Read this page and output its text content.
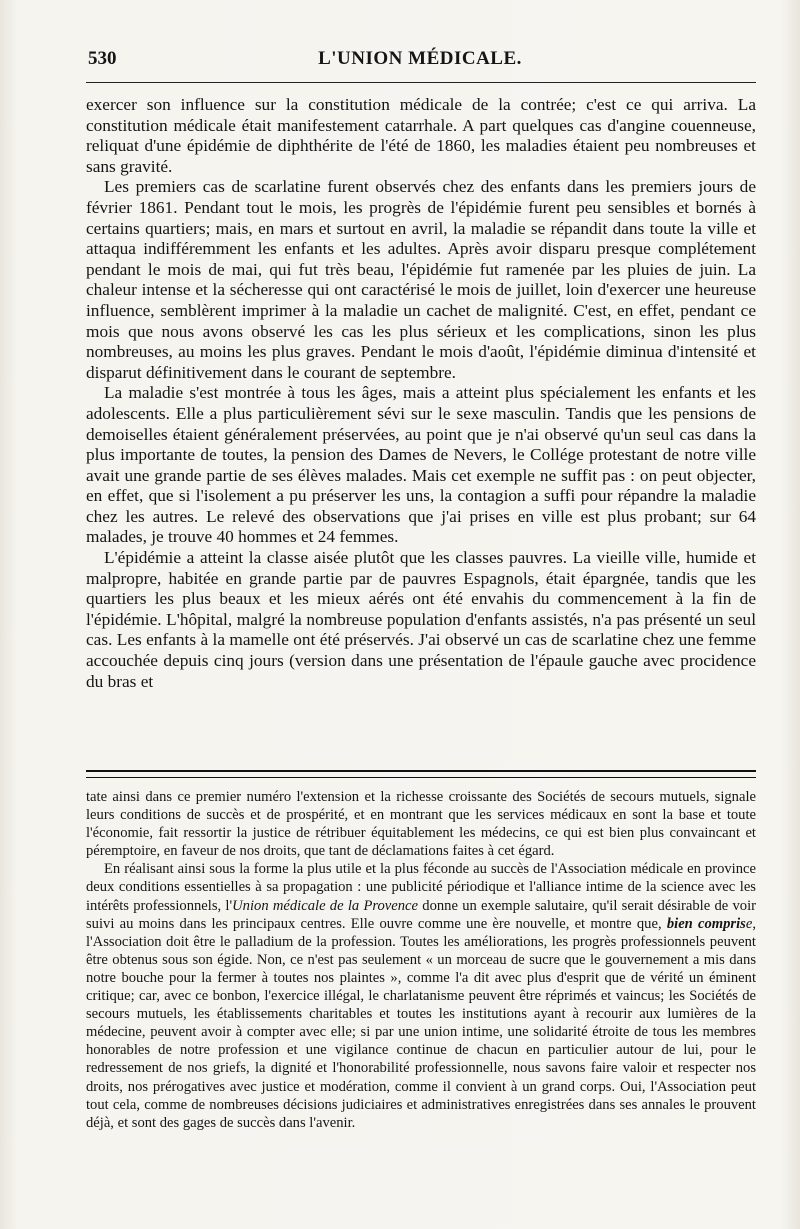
530	L'UNION MÉDICALE.

exercer son influence sur la constitution médicale de la contrée; c'est ce qui arriva. La constitution médicale était manifestement catarrhale. A part quelques cas d'angine couenneuse, reliquat d'une épidémie de diphthérite de l'été de 1860, les maladies étaient peu nombreuses et sans gravité.

Les premiers cas de scarlatine furent observés chez des enfants dans les premiers jours de février 1861. Pendant tout le mois, les progrès de l'épidémie furent peu sensibles et bornés à certains quartiers; mais, en mars et surtout en avril, la maladie se répandit dans toute la ville et attaqua indifféremment les enfants et les adultes. Après avoir disparu presque complétement pendant le mois de mai, qui fut très beau, l'épidémie fut ramenée par les pluies de juin. La chaleur intense et la sécheresse qui ont caractérisé le mois de juillet, loin d'exercer une heureuse influence, semblèrent imprimer à la maladie un cachet de malignité. C'est, en effet, pendant ce mois que nous avons observé les cas les plus sérieux et les complications, sinon les plus nombreuses, au moins les plus graves. Pendant le mois d'août, l'épidémie diminua d'intensité et disparut définitivement dans le courant de septembre.

La maladie s'est montrée à tous les âges, mais a atteint plus spécialement les enfants et les adolescents. Elle a plus particulièrement sévi sur le sexe masculin. Tandis que les pensions de demoiselles étaient généralement préservées, au point que je n'ai observé qu'un seul cas dans la plus importante de toutes, la pension des Dames de Nevers, le Collége protestant de notre ville avait une grande partie de ses élèves malades. Mais cet exemple ne suffit pas : on peut objecter, en effet, que si l'isolement a pu préserver les uns, la contagion a suffi pour répandre la maladie chez les autres. Le relevé des observations que j'ai prises en ville est plus probant; sur 64 malades, je trouve 40 hommes et 24 femmes.

L'épidémie a atteint la classe aisée plutôt que les classes pauvres. La vieille ville, humide et malpropre, habitée en grande partie par de pauvres Espagnols, était épargnée, tandis que les quartiers les plus beaux et les mieux aérés ont été envahis du commencement à la fin de l'épidémie. L'hôpital, malgré la nombreuse population d'enfants assistés, n'a pas présenté un seul cas. Les enfants à la mamelle ont été préservés. J'ai observé un cas de scarlatine chez une femme accouchée depuis cinq jours (version dans une présentation de l'épaule gauche avec procidence du bras et

tate ainsi dans ce premier numéro l'extension et la richesse croissante des Sociétés de secours mutuels, signale leurs conditions de succès et de prospérité, et en montrant que les services médicaux en sont la base et toute l'économie, fait ressortir la justice de rétribuer équitablement les médecins, ce qui est bien plus convaincant et péremptoire, en faveur de nos droits, que tant de déclamations faites à cet égard.

En réalisant ainsi sous la forme la plus utile et la plus féconde au succès de l'Association médicale en province deux conditions essentielles à sa propagation : une publicité périodique et l'alliance intime de la science avec les intérêts professionnels, l'Union médicale de la Provence donne un exemple salutaire, qu'il serait désirable de voir suivi au moins dans les principaux centres. Elle ouvre comme une ère nouvelle, et montre que, bien comprise, l'Association doit être le palladium de la profession. Toutes les améliorations, les progrès professionnels peuvent être obtenus sous son égide. Non, ce n'est pas seulement « un morceau de sucre que le gouvernement a mis dans notre bouche pour la fermer à toutes nos plaintes », comme l'a dit avec plus d'esprit que de vérité un éminent critique; car, avec ce bonbon, l'exercice illégal, le charlatanisme peuvent être réprimés et vaincus; les Sociétés de secours mutuels, les établissements charitables et toutes les institutions ayant à recourir aux lumières de la médecine, peuvent avoir à compter avec elle; si par une union intime, une solidarité étroite de tous les membres honorables de notre profession et une vigilance continue de chacun en particulier autour de lui, pour le redressement de nos griefs, la dignité et l'honorabilité professionnelle, nous savons faire valoir et respecter nos droits, nos prérogatives avec justice et modération, comme il convient à un grand corps. Oui, l'Association peut tout cela, comme de nombreuses décisions judiciaires et administratives enregistrées dans ses annales le prouvent déjà, et sont des gages de succès dans l'avenir.
